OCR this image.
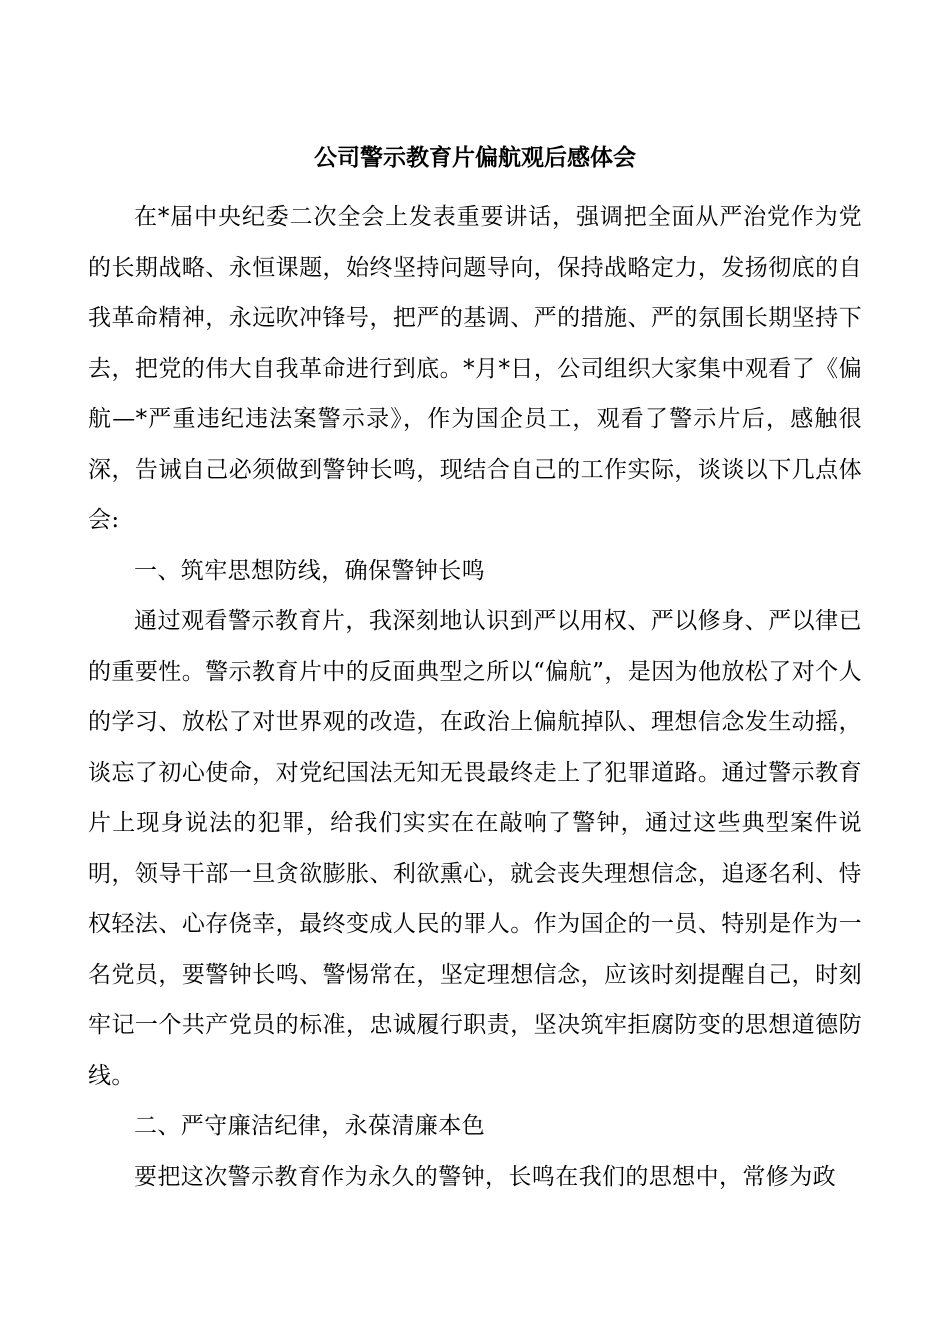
公司警示教育片偏航观后感体会

在*届中央纪委二次全会上发表重要讲话，强调把全面从严治党作为党的长期战略、永恒课题，始终坚持问题导向，保持战略定力，发扬彻底的自我革命精神，永远吹冲锋号，把严的基调、严的措施、严的氛围长期坚持下去，把党的伟大自我革命进行到底。*月*日，公司组织大家集中观看了《偏航—*严重违纪违法案警示录》，作为国企员工，观看了警示片后，感触很深，告诫自己必须做到警钟长鸣，现结合自己的工作实际，谈谈以下几点体会:

一、筑牢思想防线，确保警钟长鸣

通过观看警示教育片，我深刻地认识到严以用权、严以修身、严以律已的重要性。警示教育片中的反面典型之所以“偏航”，是因为他放松了对个人的学习、放松了对世界观的改造，在政治上偏航掉队、理想信念发生动摇，谈忘了初心使命，对党纪国法无知无畏最终走上了犯罪道路。通过警示教育片上现身说法的犯罪，给我们实实在在敲响了警钟，通过这些典型案件说明，领导干部一旦贪欲膨胀、利欲熏心，就会丧失理想信念，追逐名利、恃权轻法、心存侥幸，最终变成人民的罪人。作为国企的一员、特别是作为一名党员，要警钟长鸣、警惕常在，坚定理想信念，应该时刻提醒自己，时刻牢记一个共产党员的标准，忠诚履行职责，坚决筑牢拒腐防变的思想道德防线。

二、严守廉洁纪律，永葆清廉本色

要把这次警示教育作为永久的警钟，长鸣在我们的思想中，常修为政
